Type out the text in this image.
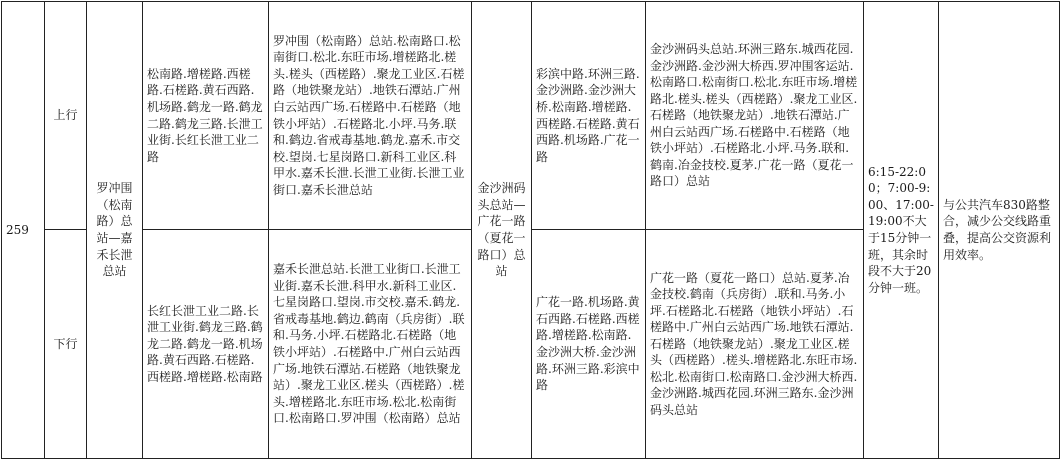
259	上行	罗冲围（松南路）总站—嘉禾长泄总站	松南路.增槎路.西槎路.石槎路.黄石西路.机场路.鹤龙一路.鹤龙二路.鹤龙三路.长泄工业街.长红长泄工业二路	罗冲围（松南路）总站.松南路口.松南街口.松北.东旺市场.增槎路北.槎头.槎头（西槎路）.聚龙工业区.石槎路（地铁聚龙站）.地铁石潭站.广州白云站西广场.石槎路中.石槎路（地铁小坪站）.石槎路北.小坪.马务.联和.鹤边.省戒毒基地.鹤龙.嘉禾.市交校.望岗.七星岗路口.新科工业区.科甲水.嘉禾长泄.长泄工业街.长泄工业街口.嘉禾长泄总站	金沙洲码头总站—广花一路（夏花一路口）总站	彩滨中路.环洲三路.金沙洲路.金沙洲大桥.松南路.增槎路.西槎路.石槎路.黄石西路.机场路.广花一路	金沙洲码头总站.环洲三路东.城西花园.金沙洲路.金沙洲大桥西.罗冲围客运站.松南路口.松南街口.松北.东旺市场.增槎路北.槎头.槎头（西槎路）.聚龙工业区.石槎路（地铁聚龙站）.地铁石潭站.广州白云站西广场.石槎路中.石槎路（地铁小坪站）.石槎路北.小坪.马务.联和.鹤南.冶金技校.夏茅.广花一路（夏花一路口）总站	6:15-22:00；7:00-9:00、17:00-19:00不大于15分钟一班，其余时段不大于20分钟一班。	与公共汽车830路整合，减少公交线路重叠，提高公交资源利用效率。
	下行		长红长泄工业二路.长泄工业街.鹤龙三路.鹤龙二路.鹤龙一路.机场路.黄石西路.石槎路.西槎路.增槎路.松南路	嘉禾长泄总站.长泄工业街口.长泄工业街.嘉禾长泄.科甲水.新科工业区.七星岗路口.望岗.市交校.嘉禾.鹤龙.省戒毒基地.鹤边.鹤南（兵房街）.联和.马务.小坪.石槎路北.石槎路（地铁小坪站）.石槎路中.广州白云站西广场.地铁石潭站.石槎路（地铁聚龙站）.聚龙工业区.槎头（西槎路）.槎头.增槎路北.东旺市场.松北.松南街口.松南路口.罗冲围（松南路）总站		广花一路.机场路.黄石西路.石槎路.西槎路.增槎路.松南路.金沙洲大桥.金沙洲路.环洲三路.彩滨中路	广花一路（夏花一路口）总站.夏茅.冶金技校.鹤南（兵房街）.联和.马务.小坪.石槎路北.石槎路（地铁小坪站）.石槎路中.广州白云站西广场.地铁石潭站.石槎路（地铁聚龙站）.聚龙工业区.槎头（西槎路）.槎头.增槎路北.东旺市场.松北.松南街口.松南路口.金沙洲大桥西.金沙洲路.城西花园.环洲三路东.金沙洲码头总站		
